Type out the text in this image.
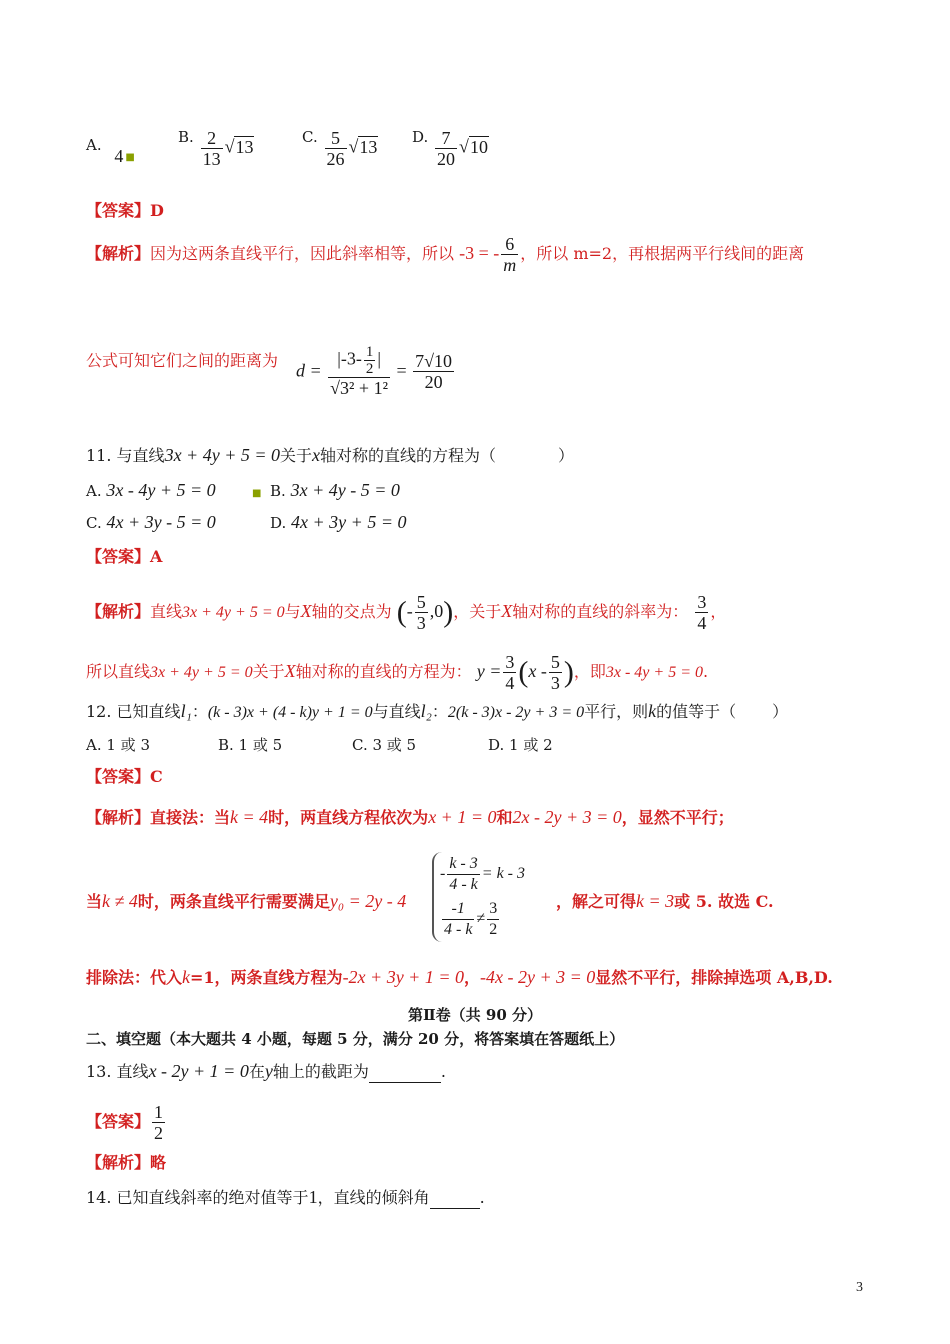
A. 4 $_■$
B. $\frac{2}{13} √13$	C. $\frac{5}{26} √13$ D. $\frac{7}{20} √10$
【答案】D
【解析】因为这两条直线平行，因此斜率相等，所以 -3 = - $\frac{6}{m}$ ，所以 m=2，再根据两平行线间的距离
公式可知它们之间的距离为 $d = \frac{|-3- \frac{1}{2} |}{\text{√3² + 1²}} = \frac{7√10}{20}$
11. 与直线3x + 4y + 5 = 0关于x轴对称的直线的方程为（	）
A. 3x - 4y + 5 = 0	■ B. 3x + 4y - 5 = 0
C. 4x + 3y - 5 = 0	D. 4x + 3y + 5 = 0
【答案】A
【解析】直线3x + 4y + 5 = 0与X轴的交点为 (- $\frac{5}{3} ,0$)，关于X轴对称的直线的斜率为： $\frac{3}{4}$ ，
所以直线3x + 4y + 5 = 0关于X轴对称的直线的方程为： $y = \frac{3}{4} (x - \frac{5}{3}$ )，即3x - 4y + 5 = 0.
12. 已知直线l₁：(k - 3)x + (4 - k)y + 1 = 0与直线l₂：2(k - 3)x - 2y + 3 = 0平行，则k的值等于（ ）
A. 1 或 3	B. 1 或 5	C. 3 或 5	D. 1 或 2
【答案】C
【解析】直接法：当k = 4时，两直线方程依次为x + 1 = 0和2x - 2y + 3 = 0，显然不平行；
当k ≠ 4时，两条直线平行需要满足y₀ = 2y - 4
- $\frac{k - 3}{4 - k} = k - 3$
$\frac{-1}{4 - k} \ne \frac{3}{2}$	，解之可得k = 3或 5. 故选 C.
排除法：代入k=1，两条直线方程为-2x + 3y + 1 = 0，-4x - 2y + 3 = 0显然不平行，排除掉选项 A,B,D.
第Ⅱ卷（共 90 分）
二、填空题（本大题共 4 小题，每题 5 分，满分 20 分，将答案填在答题纸上）
13. 直线x - 2y + 1 = 0在y轴上的截距为	.
【答案】 $\frac{1}{2}$
【解析】略
14. 已知直线斜率的绝对值等于1，直线的倾斜角	.
3
